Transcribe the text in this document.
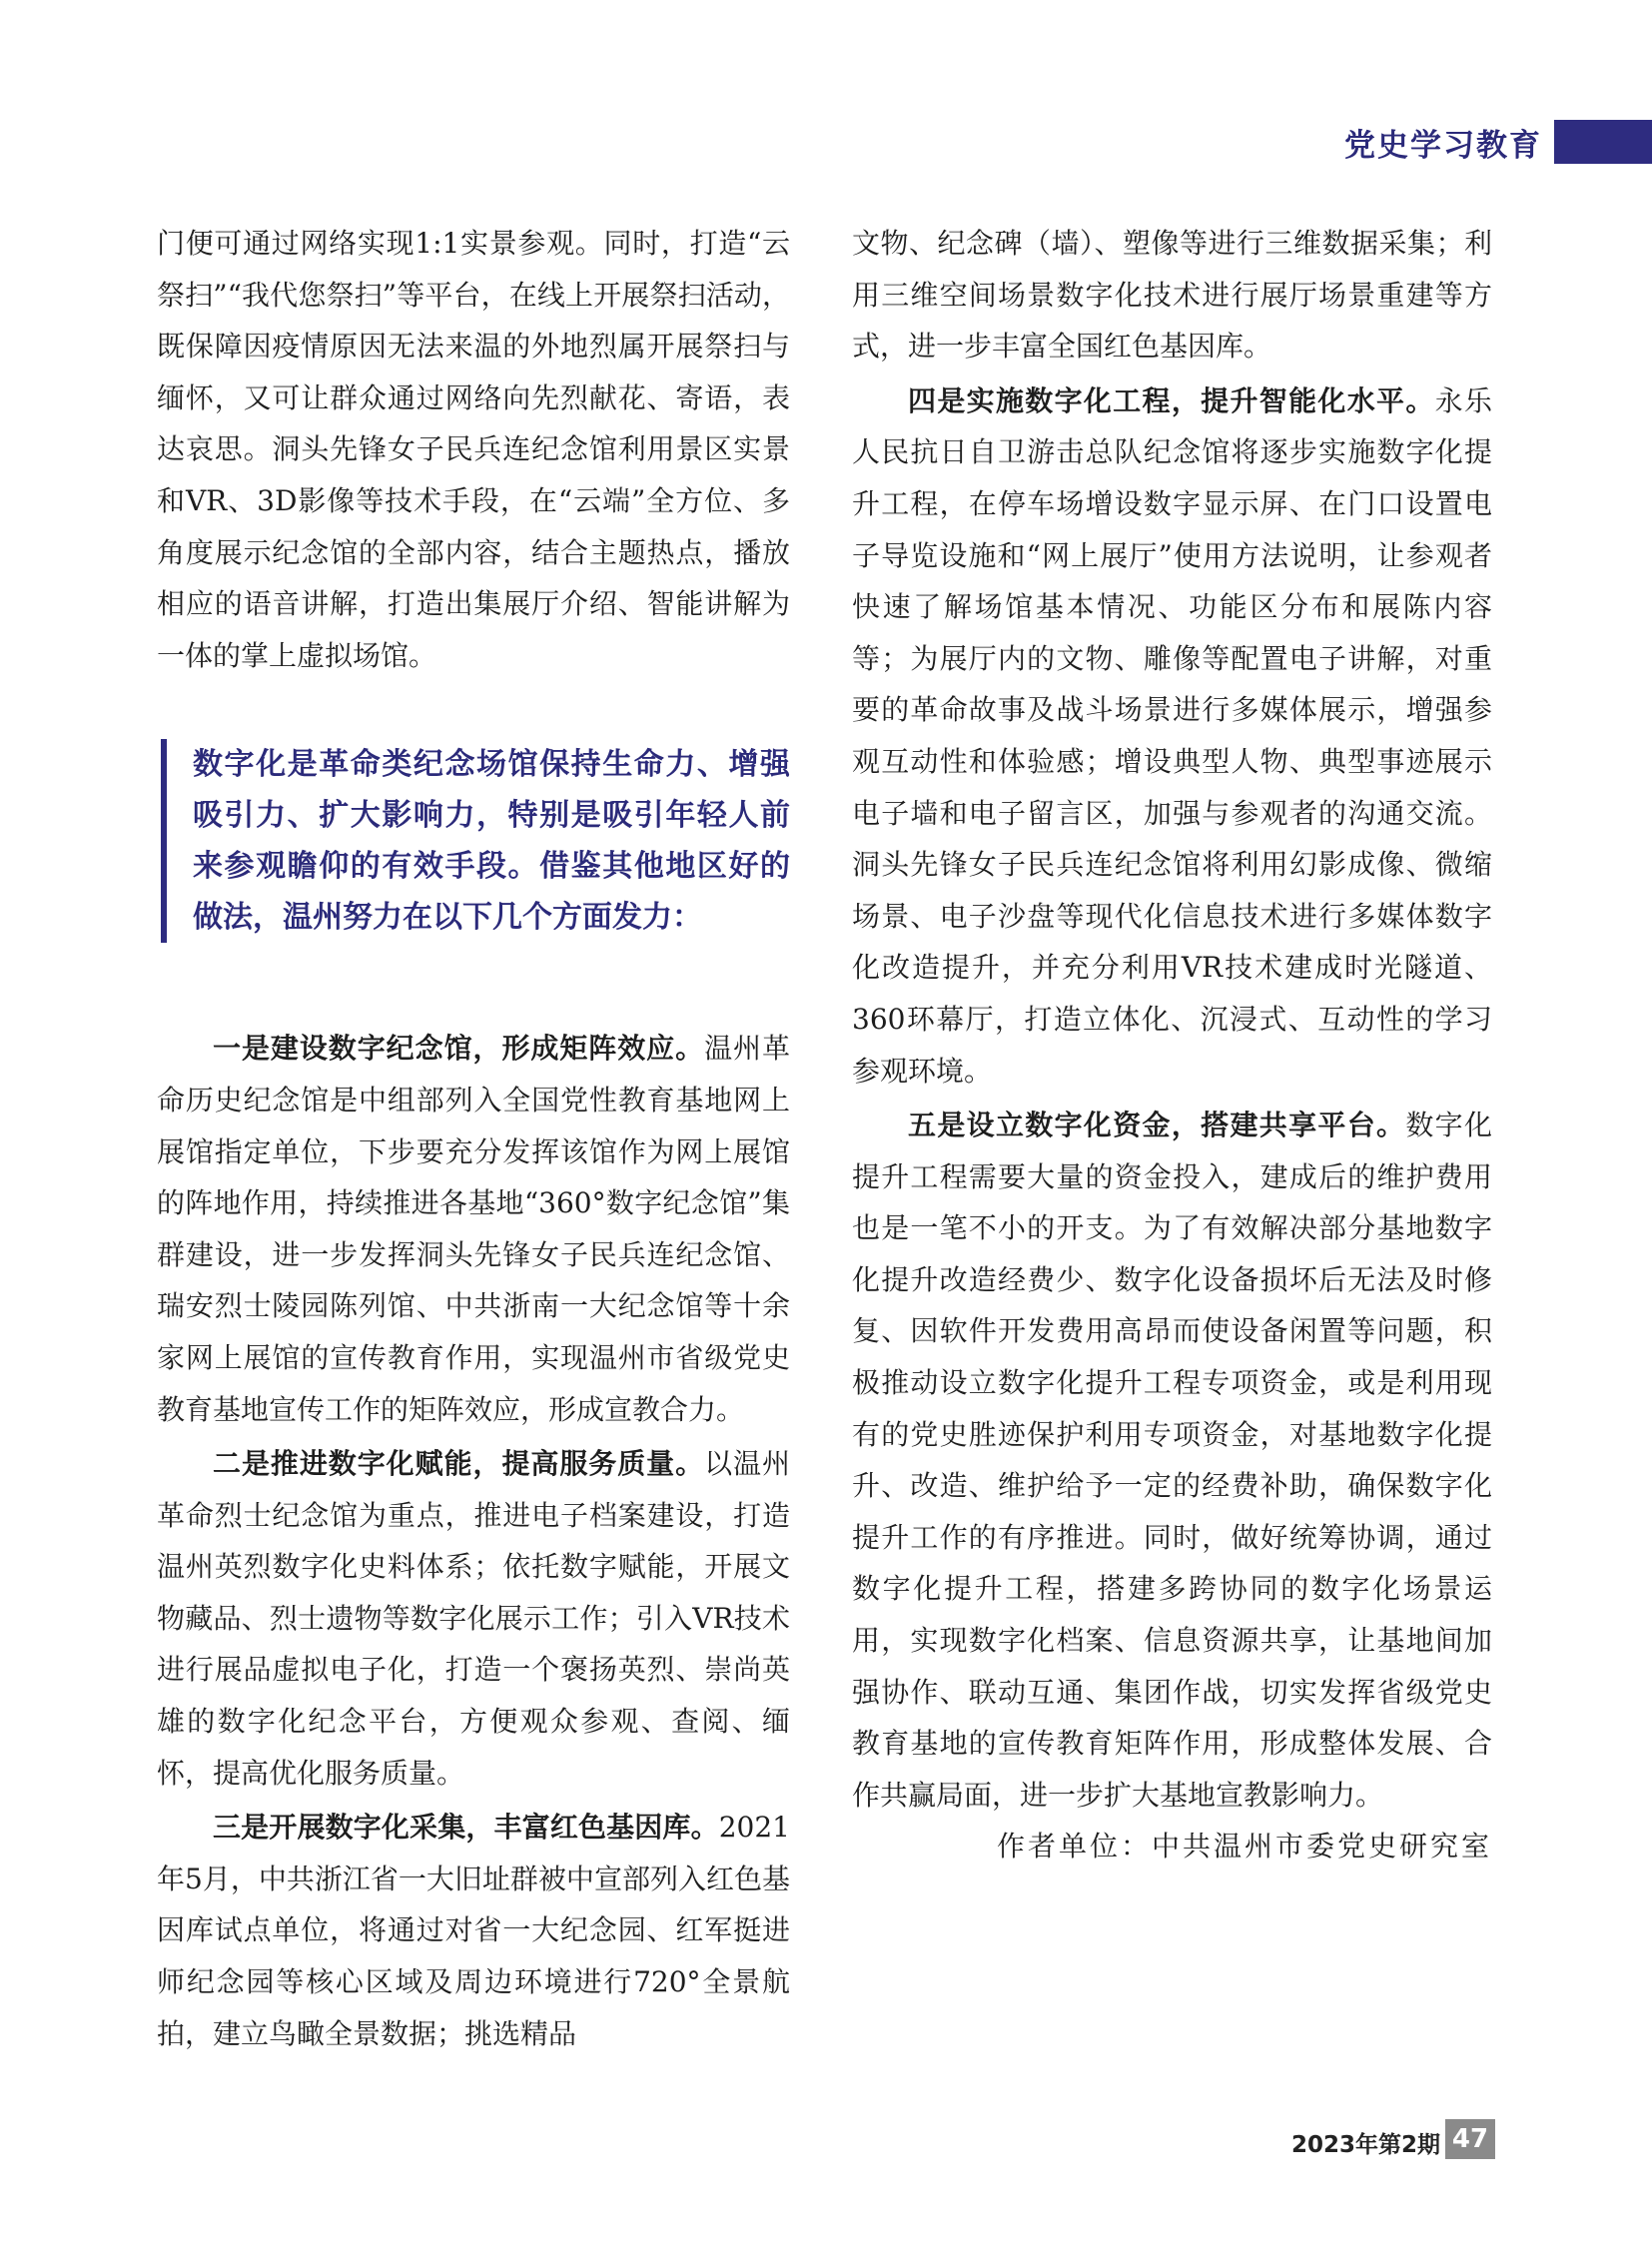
党史学习教育

门便可通过网络实现1:1实景参观。同时，打造“云祭扫”“我代您祭扫”等平台，在线上开展祭扫活动，既保障因疫情原因无法来温的外地烈属开展祭扫与缅怀，又可让群众通过网络向先烈献花、寄语，表达哀思。洞头先锋女子民兵连纪念馆利用景区实景和VR、3D影像等技术手段，在“云端”全方位、多角度展示纪念馆的全部内容，结合主题热点，播放相应的语音讲解，打造出集展厅介绍、智能讲解为一体的掌上虚拟场馆。

数字化是革命类纪念场馆保持生命力、增强吸引力、扩大影响力，特别是吸引年轻人前来参观瞻仰的有效手段。借鉴其他地区好的做法，温州努力在以下几个方面发力：

一是建设数字纪念馆，形成矩阵效应。温州革命历史纪念馆是中组部列入全国党性教育基地网上展馆指定单位，下步要充分发挥该馆作为网上展馆的阵地作用，持续推进各基地“360°数字纪念馆”集群建设，进一步发挥洞头先锋女子民兵连纪念馆、瑞安烈士陵园陈列馆、中共浙南一大纪念馆等十余家网上展馆的宣传教育作用，实现温州市省级党史教育基地宣传工作的矩阵效应，形成宣教合力。

二是推进数字化赋能，提高服务质量。以温州革命烈士纪念馆为重点，推进电子档案建设，打造温州英烈数字化史料体系；依托数字赋能，开展文物藏品、烈士遗物等数字化展示工作；引入VR技术进行展品虚拟电子化，打造一个褒扬英烈、崇尚英雄的数字化纪念平台，方便观众参观、查阅、缅怀，提高优化服务质量。

三是开展数字化采集，丰富红色基因库。2021年5月，中共浙江省一大旧址群被中宣部列入红色基因库试点单位，将通过对省一大纪念园、红军挺进师纪念园等核心区域及周边环境进行720°全景航拍，建立鸟瞰全景数据；挑选精品

文物、纪念碑（墙）、塑像等进行三维数据采集；利用三维空间场景数字化技术进行展厅场景重建等方式，进一步丰富全国红色基因库。

四是实施数字化工程，提升智能化水平。永乐人民抗日自卫游击总队纪念馆将逐步实施数字化提升工程，在停车场增设数字显示屏、在门口设置电子导览设施和“网上展厅”使用方法说明，让参观者快速了解场馆基本情况、功能区分布和展陈内容等；为展厅内的文物、雕像等配置电子讲解，对重要的革命故事及战斗场景进行多媒体展示，增强参观互动性和体验感；增设典型人物、典型事迹展示电子墙和电子留言区，加强与参观者的沟通交流。洞头先锋女子民兵连纪念馆将利用幻影成像、微缩场景、电子沙盘等现代化信息技术进行多媒体数字化改造提升，并充分利用VR技术建成时光隧道、360环幕厅，打造立体化、沉浸式、互动性的学习参观环境。

五是设立数字化资金，搭建共享平台。数字化提升工程需要大量的资金投入，建成后的维护费用也是一笔不小的开支。为了有效解决部分基地数字化提升改造经费少、数字化设备损坏后无法及时修复、因软件开发费用高昂而使设备闲置等问题，积极推动设立数字化提升工程专项资金，或是利用现有的党史胜迹保护利用专项资金，对基地数字化提升、改造、维护给予一定的经费补助，确保数字化提升工作的有序推进。同时，做好统筹协调，通过数字化提升工程，搭建多跨协同的数字化场景运用，实现数字化档案、信息资源共享，让基地间加强协作、联动互通、集团作战，切实发挥省级党史教育基地的宣传教育矩阵作用，形成整体发展、合作共赢局面，进一步扩大基地宣教影响力。

作者单位：中共温州市委党史研究室

2023年第2期 47
